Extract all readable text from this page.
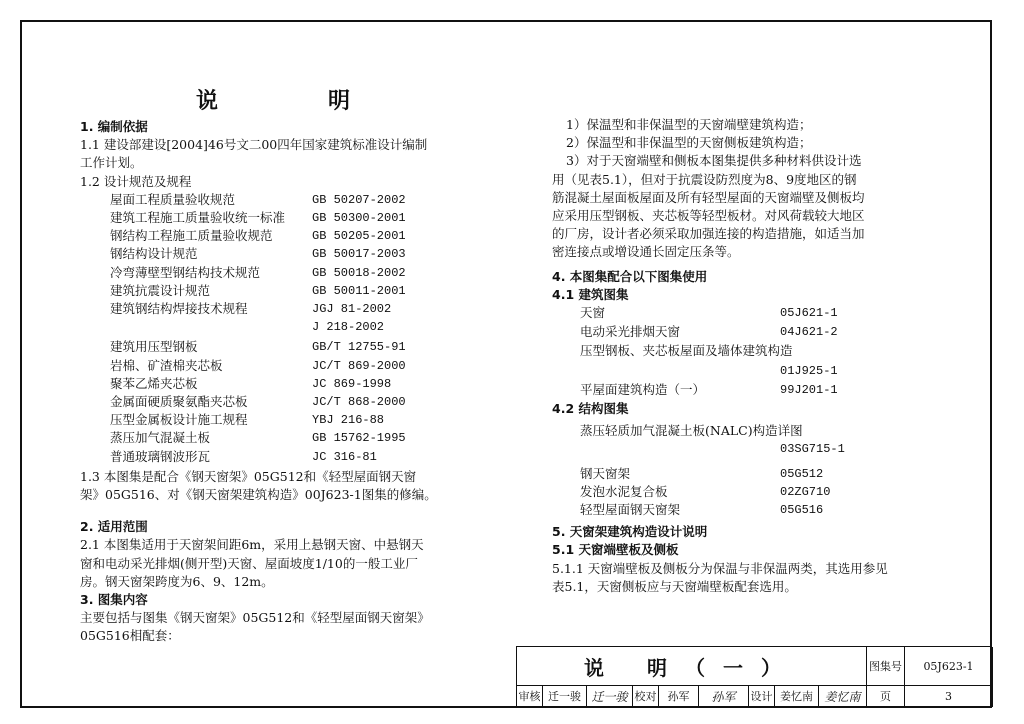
说　明
1. 编制依据
1.1 建设部建设[2004]46号文二00四年国家建筑标准设计编制
工作计划。
1.2 设计规范及规程
屋面工程质量验收规范	GB 50207-2002
建筑工程施工质量验收统一标准 GB 50300-2001
钢结构工程施工质量验收规范	GB 50205-2001
钢结构设计规范	GB 50017-2003
冷弯薄壁型钢结构技术规范	GB 50018-2002
建筑抗震设计规范	GB 50011-2001
建筑钢结构焊接技术规程	JGJ 81-2002
J 218-2002
建筑用压型钢板	GB/T 12755-91
岩棉、矿渣棉夹芯板	JC/T 869-2000
聚苯乙烯夹芯板	JC 869-1998
金属面硬质聚氨酯夹芯板	JC/T 868-2000
压型金属板设计施工规程	YBJ 216-88
蒸压加气混凝土板	GB 15762-1995
普通玻璃钢波形瓦	JC 316-81
1.3 本图集是配合《钢天窗架》05G512和《轻型屋面钢天窗
架》05G516、对《钢天窗架建筑构造》00J623-1图集的修编。
2. 适用范围
2.1 本图集适用于天窗架间距6m，采用上悬钢天窗、中悬钢天
窗和电动采光排烟(侧开型)天窗、屋面坡度1/10的一般工业厂
房。钢天窗架跨度为6、9、12m。
3. 图集内容
主要包括与图集《钢天窗架》05G512和《轻型屋面钢天窗架》
05G516相配套：
1）保温型和非保温型的天窗端壁建筑构造；
2）保温型和非保温型的天窗侧板建筑构造；
3）对于天窗端壁和侧板本图集提供多种材料供设计选
用（见表5.1），但对于抗震设防烈度为8、9度地区的钢
筋混凝土屋面板屋面及所有轻型屋面的天窗端壁及侧板均
应采用压型钢板、夹芯板等轻型板材。对风荷载较大地区
的厂房，设计者必须采取加强连接的构造措施，如适当加
密连接点或增设通长固定压条等。
4. 本图集配合以下图集使用
4.1 建筑图集
天窗	05J621-1
电动采光排烟天窗	04J621-2
压型钢板、夹芯板屋面及墙体建筑构造
01J925-1
平屋面建筑构造（一）	99J201-1
4.2 结构图集
蒸压轻质加气混凝土板(NALC)构造详图
03SG715-1
钢天窗架	05G512
发泡水泥复合板	02ZG710
轻型屋面钢天窗架	05G516
5. 天窗架建筑构造设计说明
5.1 天窗端壁板及侧板
5.1.1 天窗端壁板及侧板分为保温与非保温两类，其选用参见
表5.1，天窗侧板应与天窗端壁板配套选用。
说 明（一）	图集号 05J623-1
审核 迁一骏 迁一骏 校对 孙军 孙军 设计 姜忆南 姜忆南 页	3
